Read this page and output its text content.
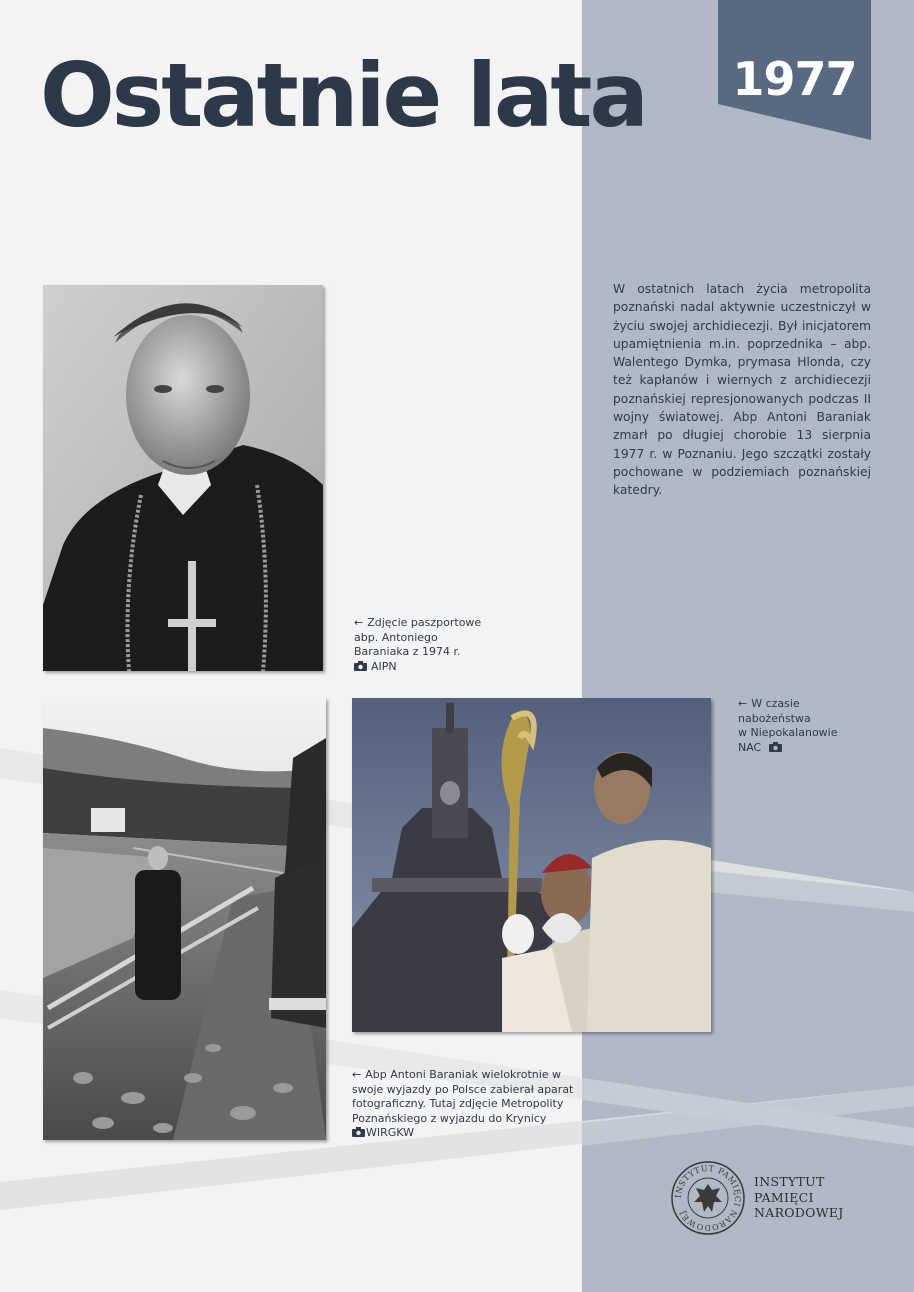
1977
Ostatnie lata
W ostatnich latach życia metropolita poznański nadal aktywnie uczestniczył w życiu swojej archidiecezji. Był inicjatorem upamiętnienia m.in. poprzednika – abp. Walentego Dymka, prymasa Hlonda, czy też kapłanów i wiernych z archidiecezji poznańskiej represjonowanych podczas II wojny światowej. Abp Antoni Baraniak zmarł po długiej chorobie 13 sierpnia 1977 r. w Poznaniu. Jego szczątki zostały pochowane w podziemiach poznańskiej katedry.
← Zdjęcie paszportowe
abp. Antoniego
Baraniaka z 1974 r.
AIPN
← W czasie
nabożeństwa
w Niepokalanowie
NAC
← Abp Antoni Baraniak wielokrotnie w
swoje wyjazdy po Polsce zabierał aparat
fotograficzny. Tutaj zdjęcie Metropolity
Poznańskiego z wyjazdu do Krynicy
WIRGKW
INSTYTUT PAMIĘCI NARODOWEJ
INSTYTUT
PAMIĘCI
NARODOWEJ
